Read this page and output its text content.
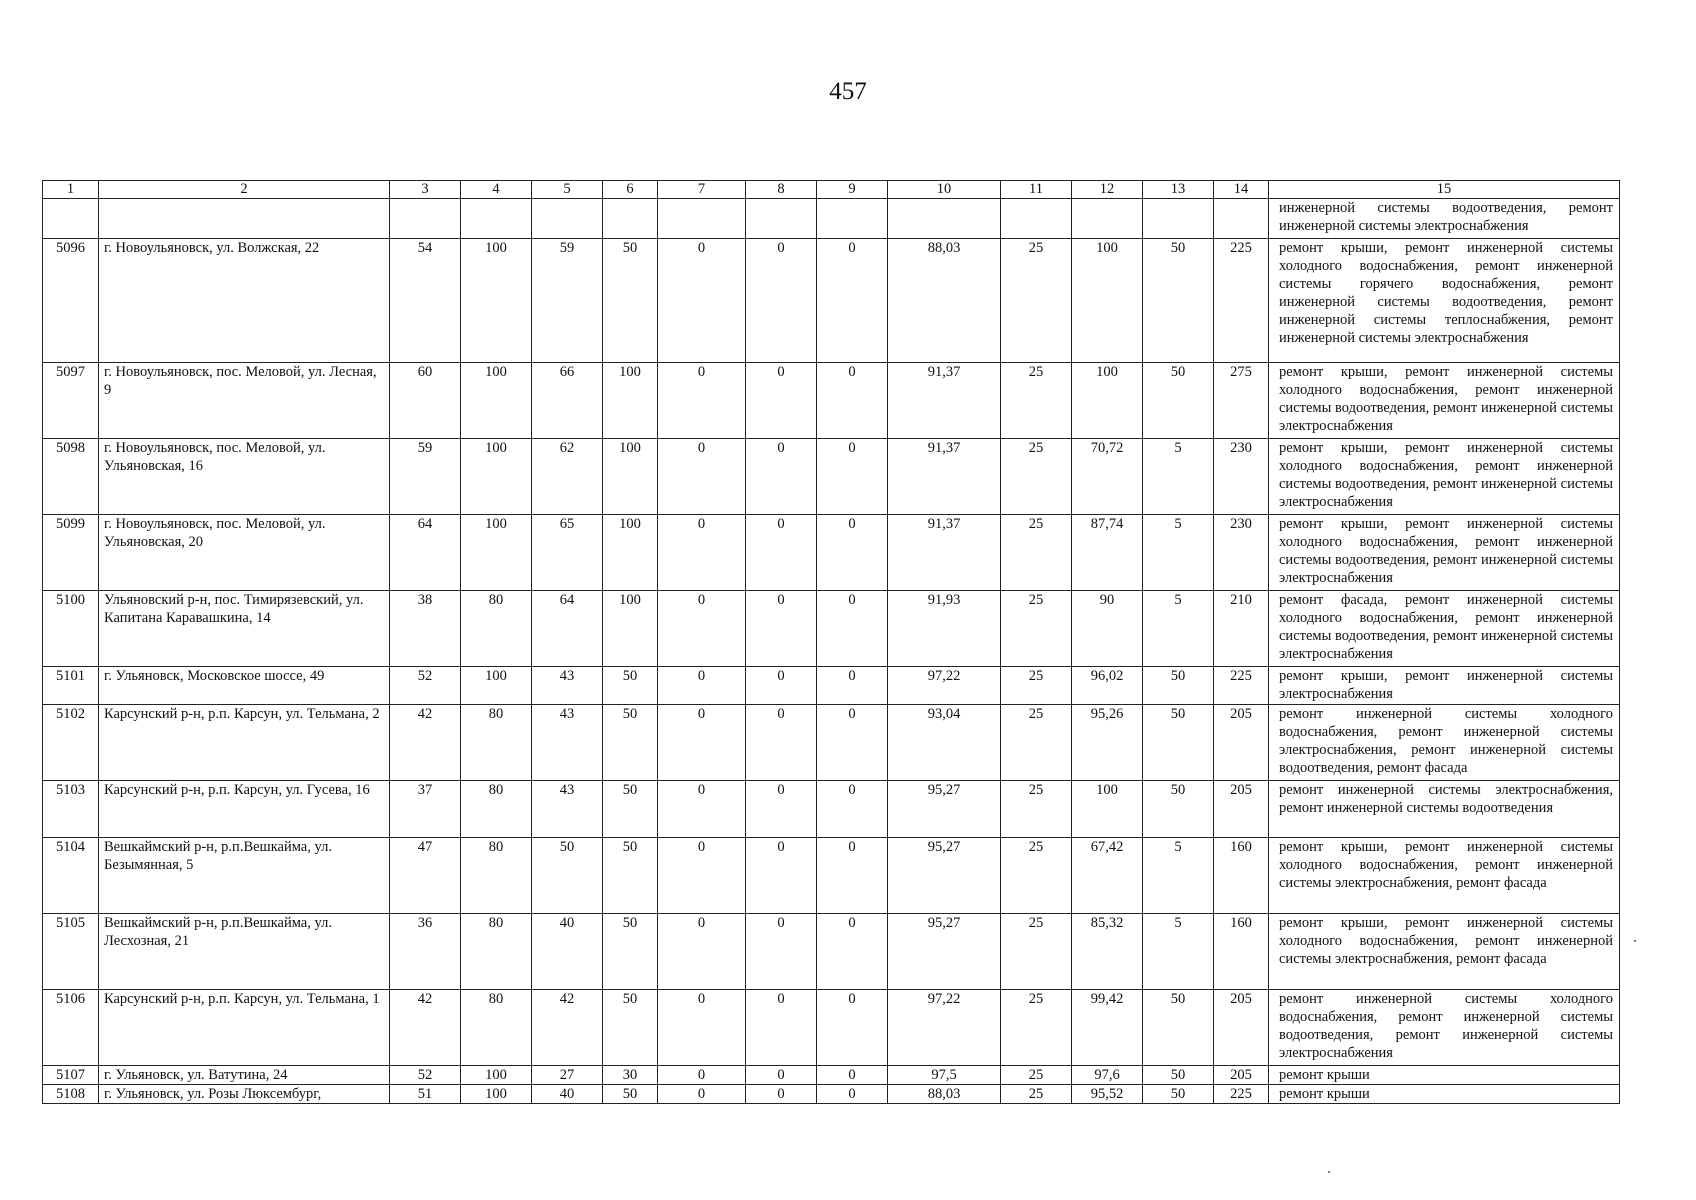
457
1	2	3	4	5	6	7	8	9	10	11	12	13	14	15
														инженерной системы водоотведения, ремонт инженерной системы электроснабжения
5096	г. Новоульяновск, ул. Волжская, 22	54	100	59	50	0	0	0	88,03	25	100	50	225	ремонт крыши, ремонт инженерной системы холодного водоснабжения, ремонт инженерной системы горячего водоснабжения, ремонт инженерной системы водоотведения, ремонт инженерной системы теплоснабжения, ремонт инженерной системы электроснабжения
5097	г. Новоульяновск, пос. Меловой, ул. Лесная, 9	60	100	66	100	0	0	0	91,37	25	100	50	275	ремонт крыши, ремонт инженерной системы холодного водоснабжения, ремонт инженерной системы водоотведения, ремонт инженерной системы электроснабжения
5098	г. Новоульяновск, пос. Меловой, ул. Ульяновская, 16	59	100	62	100	0	0	0	91,37	25	70,72	5	230	ремонт крыши, ремонт инженерной системы холодного водоснабжения, ремонт инженерной системы водоотведения, ремонт инженерной системы электроснабжения
5099	г. Новоульяновск, пос. Меловой, ул. Ульяновская, 20	64	100	65	100	0	0	0	91,37	25	87,74	5	230	ремонт крыши, ремонт инженерной системы холодного водоснабжения, ремонт инженерной системы водоотведения, ремонт инженерной системы электроснабжения
5100	Ульяновский р-н, пос. Тимирязевский, ул. Капитана Каравашкина, 14	38	80	64	100	0	0	0	91,93	25	90	5	210	ремонт фасада, ремонт инженерной системы холодного водоснабжения, ремонт инженерной системы водоотведения, ремонт инженерной системы электроснабжения
5101	г. Ульяновск, Московское шоссе, 49	52	100	43	50	0	0	0	97,22	25	96,02	50	225	ремонт крыши, ремонт инженерной системы электроснабжения
5102	Карсунский р-н, р.п. Карсун, ул. Тельмана, 2	42	80	43	50	0	0	0	93,04	25	95,26	50	205	ремонт инженерной системы холодного водоснабжения, ремонт инженерной системы электроснабжения, ремонт инженерной системы водоотведения, ремонт фасада
5103	Карсунский р-н, р.п. Карсун, ул. Гусева, 16	37	80	43	50	0	0	0	95,27	25	100	50	205	ремонт инженерной системы электроснабжения, ремонт инженерной системы водоотведения
5104	Вешкаймский р-н, р.п.Вешкайма, ул. Безымянная, 5	47	80	50	50	0	0	0	95,27	25	67,42	5	160	ремонт крыши, ремонт инженерной системы холодного водоснабжения, ремонт инженерной системы электроснабжения, ремонт фасада
5105	Вешкаймский р-н, р.п.Вешкайма, ул. Лесхозная, 21	36	80	40	50	0	0	0	95,27	25	85,32	5	160	ремонт крыши, ремонт инженерной системы холодного водоснабжения, ремонт инженерной системы электроснабжения, ремонт фасада
5106	Карсунский р-н, р.п. Карсун, ул. Тельмана, 1	42	80	42	50	0	0	0	97,22	25	99,42	50	205	ремонт инженерной системы холодного водоснабжения, ремонт инженерной системы водоотведения, ремонт инженерной системы электроснабжения
5107	г. Ульяновск, ул. Ватутина, 24	52	100	27	30	0	0	0	97,5	25	97,6	50	205	ремонт крыши
5108	г. Ульяновск, ул. Розы Люксембург,	51	100	40	50	0	0	0	88,03	25	95,52	50	225	ремонт крыши
